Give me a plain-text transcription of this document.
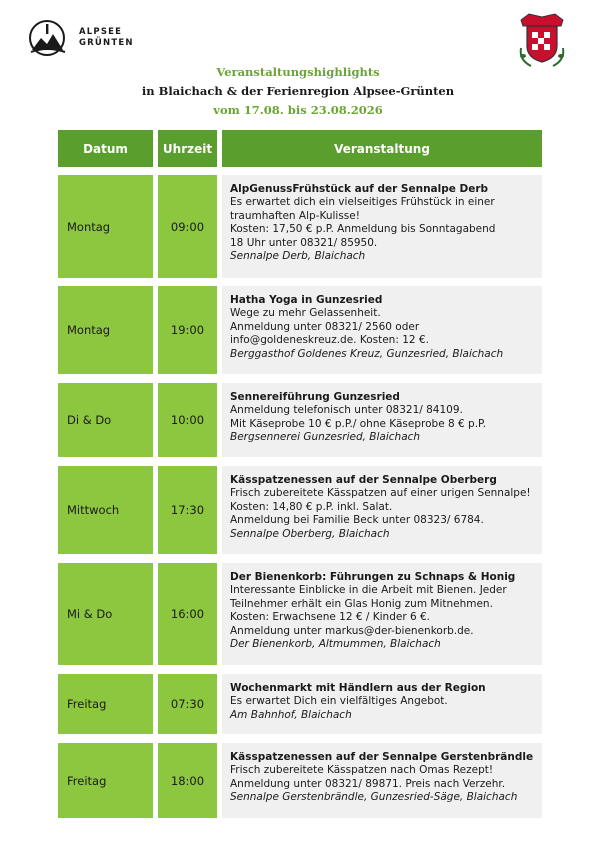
ALPSEE
GRÜNTEN
Veranstaltungshighlights
in Blaichach & der Ferienregion Alpsee-Grünten
vom 17.08. bis 23.08.2026
Datum	Uhrzeit	Veranstaltung
Montag	09:00
AlpGenussFrühstück auf der Sennalpe Derb
Es erwartet dich ein vielseitiges Frühstück in einer
traumhaften Alp-Kulisse!
Kosten: 17,50 € p.P. Anmeldung bis Sonntagabend
18 Uhr unter 08321/ 85950.
Sennalpe Derb, Blaichach
Montag	19:00
Hatha Yoga in Gunzesried
Wege zu mehr Gelassenheit.
Anmeldung unter 08321/ 2560 oder
info@goldeneskreuz.de. Kosten: 12 €.
Berggasthof Goldenes Kreuz, Gunzesried, Blaichach
Di & Do	10:00
Sennereiführung Gunzesried
Anmeldung telefonisch unter 08321/ 84109.
Mit Käseprobe 10 € p.P./ ohne Käseprobe 8 € p.P.
Bergsennerei Gunzesried, Blaichach
Mittwoch	17:30
Kässpatzenessen auf der Sennalpe Oberberg
Frisch zubereitete Kässpatzen auf einer urigen Sennalpe!
Kosten: 14,80 € p.P. inkl. Salat.
Anmeldung bei Familie Beck unter 08323/ 6784.
Sennalpe Oberberg, Blaichach
Mi & Do	16:00
Der Bienenkorb: Führungen zu Schnaps & Honig
Interessante Einblicke in die Arbeit mit Bienen. Jeder
Teilnehmer erhält ein Glas Honig zum Mitnehmen.
Kosten: Erwachsene 12 € / Kinder 6 €.
Anmeldung unter markus@der-bienenkorb.de.
Der Bienenkorb, Altmummen, Blaichach
Freitag	07:30
Wochenmarkt mit Händlern aus der Region
Es erwartet Dich ein vielfältiges Angebot.
Am Bahnhof, Blaichach
Freitag	18:00
Kässpatzenessen auf der Sennalpe Gerstenbrändle
Frisch zubereitete Kässpatzen nach Omas Rezept!
Anmeldung unter 08321/ 89871. Preis nach Verzehr.
Sennalpe Gerstenbrändle, Gunzesried-Säge, Blaichach
